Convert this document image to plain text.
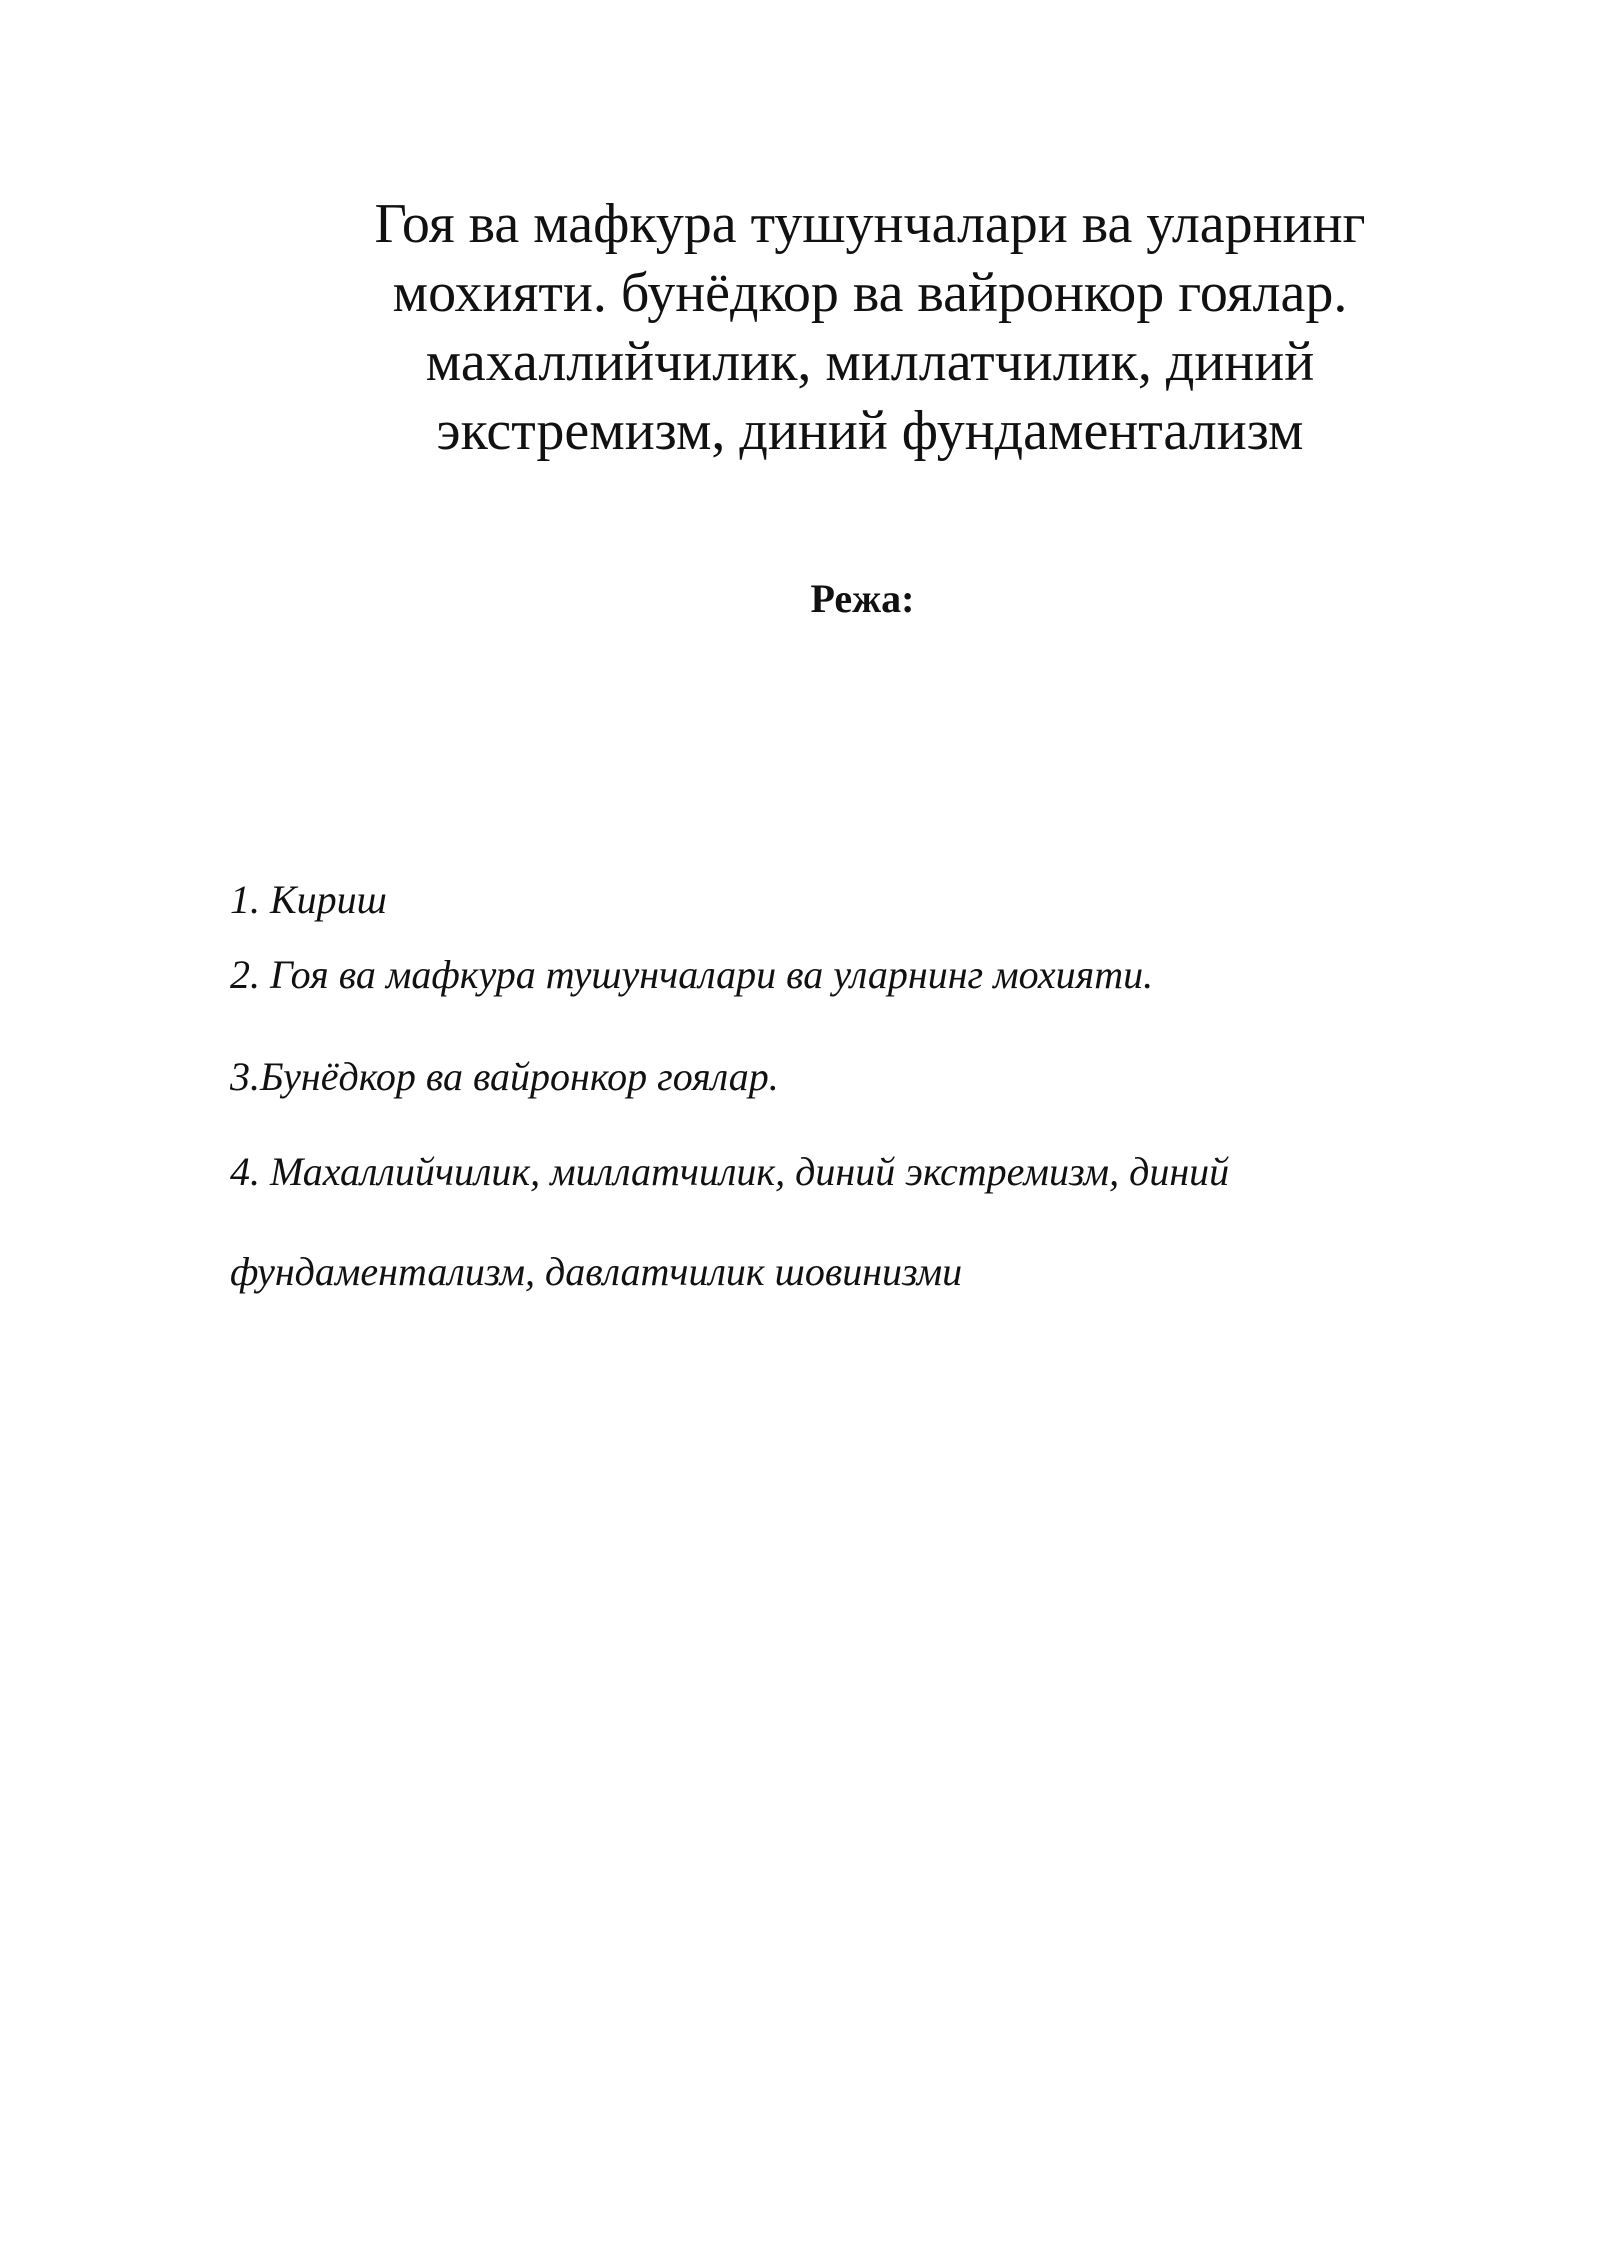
Гоя ва мафкура тушунчалари ва уларнинг
мохияти. бунёдкор ва вайронкор гоялар.
махаллийчилик, миллатчилик, диний
экстремизм, диний фундаментализм
Режа:
1. Кириш
2. Гоя ва мафкура тушунчалари ва уларнинг мохияти.
3.Бунёдкор ва вайронкор гоялар.
4. Махаллийчилик, миллатчилик, диний экстремизм, диний
фундаментализм, давлатчилик шовинизми
